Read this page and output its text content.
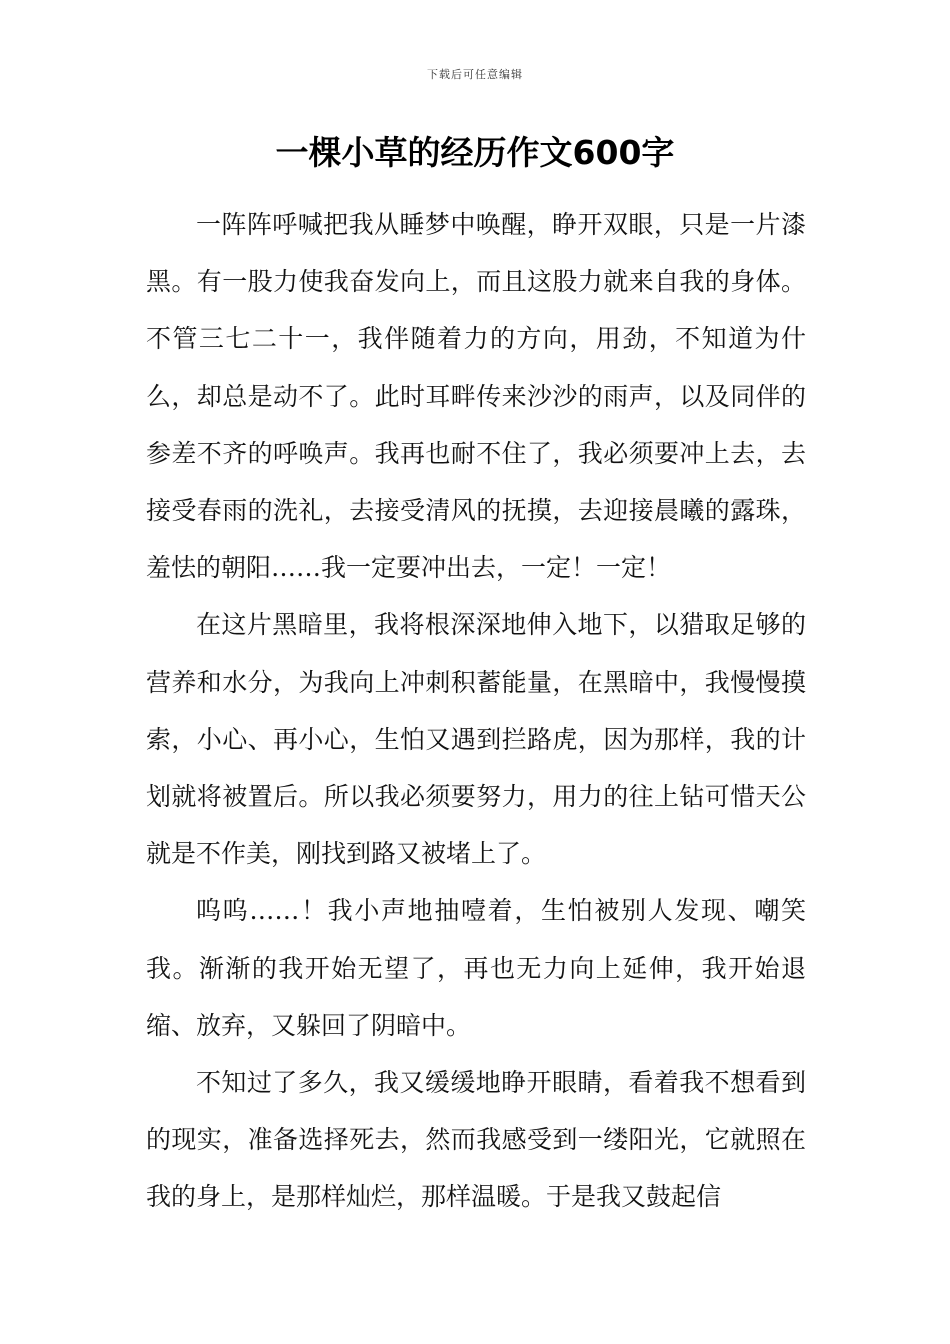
下载后可任意编辑
一棵小草的经历作文600字

一阵阵呼喊把我从睡梦中唤醒，睁开双眼，只是一片漆黑。有一股力使我奋发向上，而且这股力就来自我的身体。不管三七二十一，我伴随着力的方向，用劲，不知道为什么，却总是动不了。此时耳畔传来沙沙的雨声，以及同伴的参差不齐的呼唤声。我再也耐不住了，我必须要冲上去，去接受春雨的洗礼，去接受清风的抚摸，去迎接晨曦的露珠，羞怯的朝阳……我一定要冲出去，一定！一定！

在这片黑暗里，我将根深深地伸入地下，以猎取足够的营养和水分，为我向上冲刺积蓄能量，在黑暗中，我慢慢摸索，小心、再小心，生怕又遇到拦路虎，因为那样，我的计划就将被置后。所以我必须要努力，用力的往上钻可惜天公就是不作美，刚找到路又被堵上了。

呜呜……！我小声地抽噎着，生怕被别人发现、嘲笑我。渐渐的我开始无望了，再也无力向上延伸，我开始退缩、放弃，又躲回了阴暗中。

不知过了多久，我又缓缓地睁开眼睛，看着我不想看到的现实，准备选择死去，然而我感受到一缕阳光，它就照在我的身上，是那样灿烂，那样温暖。于是我又鼓起信
